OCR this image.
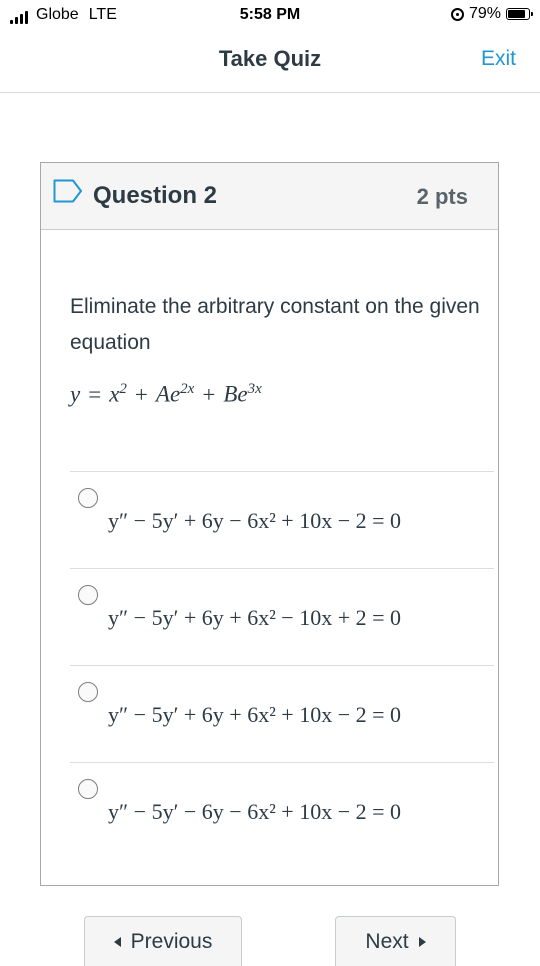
Globe LTE	5:58 PM	79%
Take Quiz	Exit
Question 2	2 pts
Eliminate the arbitrary constant on the given equation
$y = x^2 + Ae^{2x} + Be^{3x}$
y″ − 5y′ + 6y − 6x² + 10x − 2 = 0
y″ − 5y′ + 6y + 6x² − 10x + 2 = 0
y″ − 5y′ + 6y + 6x² + 10x − 2 = 0
y″ − 5y′ − 6y − 6x² + 10x − 2 = 0
Previous	Next
